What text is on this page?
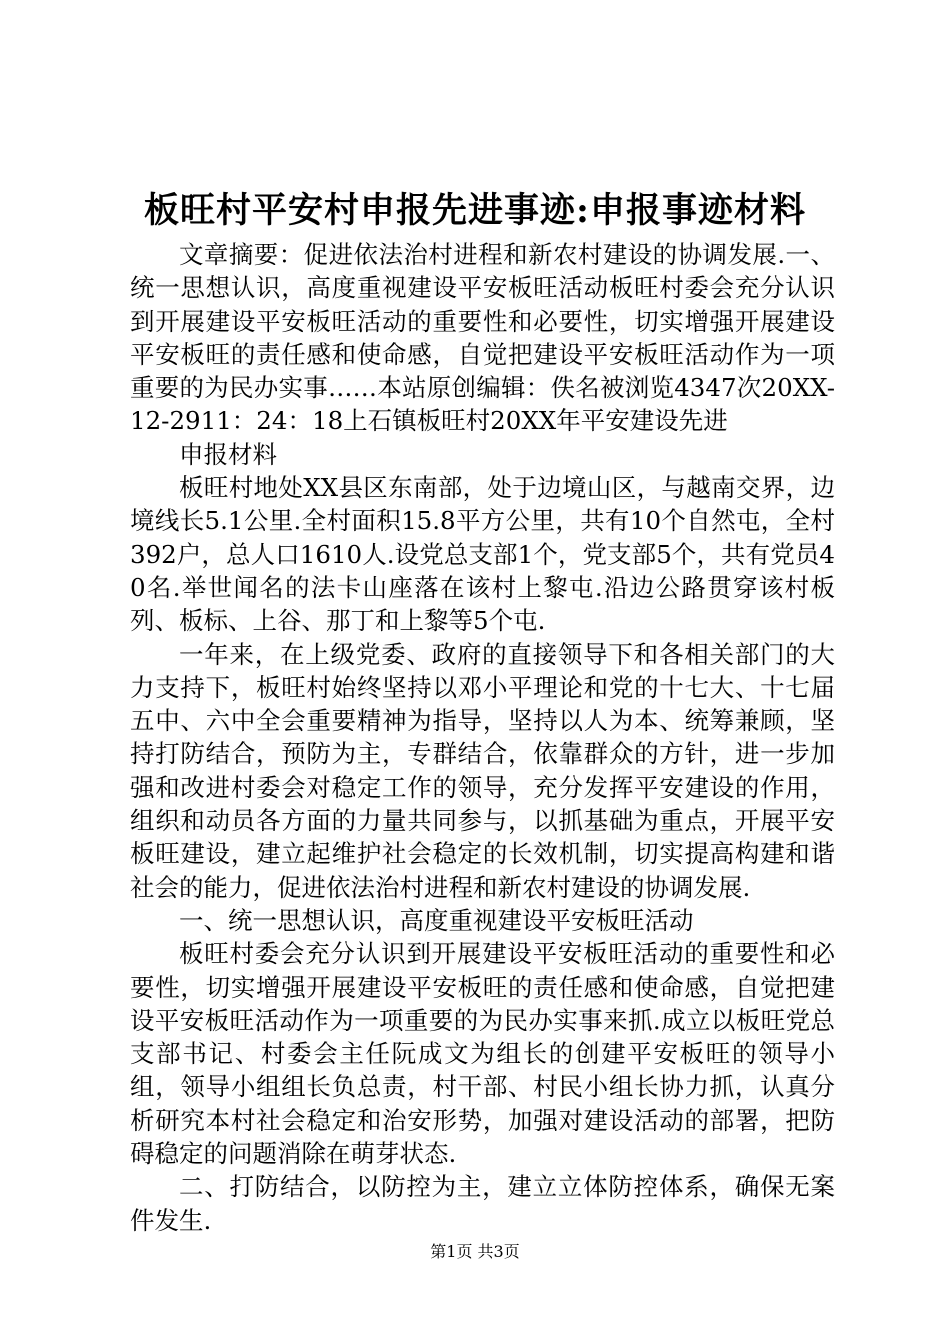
板旺村平安村申报先进事迹:申报事迹材料

文章摘要：促进依法治村进程和新农村建设的协调发展.一、统一思想认识，高度重视建设平安板旺活动板旺村委会充分认识到开展建设平安板旺活动的重要性和必要性，切实增强开展建设平安板旺的责任感和使命感，自觉把建设平安板旺活动作为一项重要的为民办实事……本站原创编辑：佚名被浏览4347次20XX-12-2911：24：18上石镇板旺村20XX年平安建设先进

申报材料

板旺村地处XX县区东南部，处于边境山区，与越南交界，边境线长5.1公里.全村面积15.8平方公里，共有10个自然屯，全村392户，总人口1610人.设党总支部1个，党支部5个，共有党员40名.举世闻名的法卡山座落在该村上黎屯.沿边公路贯穿该村板列、板标、上谷、那丁和上黎等5个屯.

一年来，在上级党委、政府的直接领导下和各相关部门的大力支持下，板旺村始终坚持以邓小平理论和党的十七大、十七届五中、六中全会重要精神为指导，坚持以人为本、统筹兼顾，坚持打防结合，预防为主，专群结合，依靠群众的方针，进一步加强和改进村委会对稳定工作的领导，充分发挥平安建设的作用，组织和动员各方面的力量共同参与，以抓基础为重点，开展平安板旺建设，建立起维护社会稳定的长效机制，切实提高构建和谐社会的能力，促进依法治村进程和新农村建设的协调发展.

一、统一思想认识，高度重视建设平安板旺活动

板旺村委会充分认识到开展建设平安板旺活动的重要性和必要性，切实增强开展建设平安板旺的责任感和使命感，自觉把建设平安板旺活动作为一项重要的为民办实事来抓.成立以板旺党总支部书记、村委会主任阮成文为组长的创建平安板旺的领导小组，领导小组组长负总责，村干部、村民小组长协力抓，认真分析研究本村社会稳定和治安形势，加强对建设活动的部署，把防碍稳定的问题消除在萌芽状态.

二、打防结合，以防控为主，建立立体防控体系，确保无案件发生.

第1页 共3页
